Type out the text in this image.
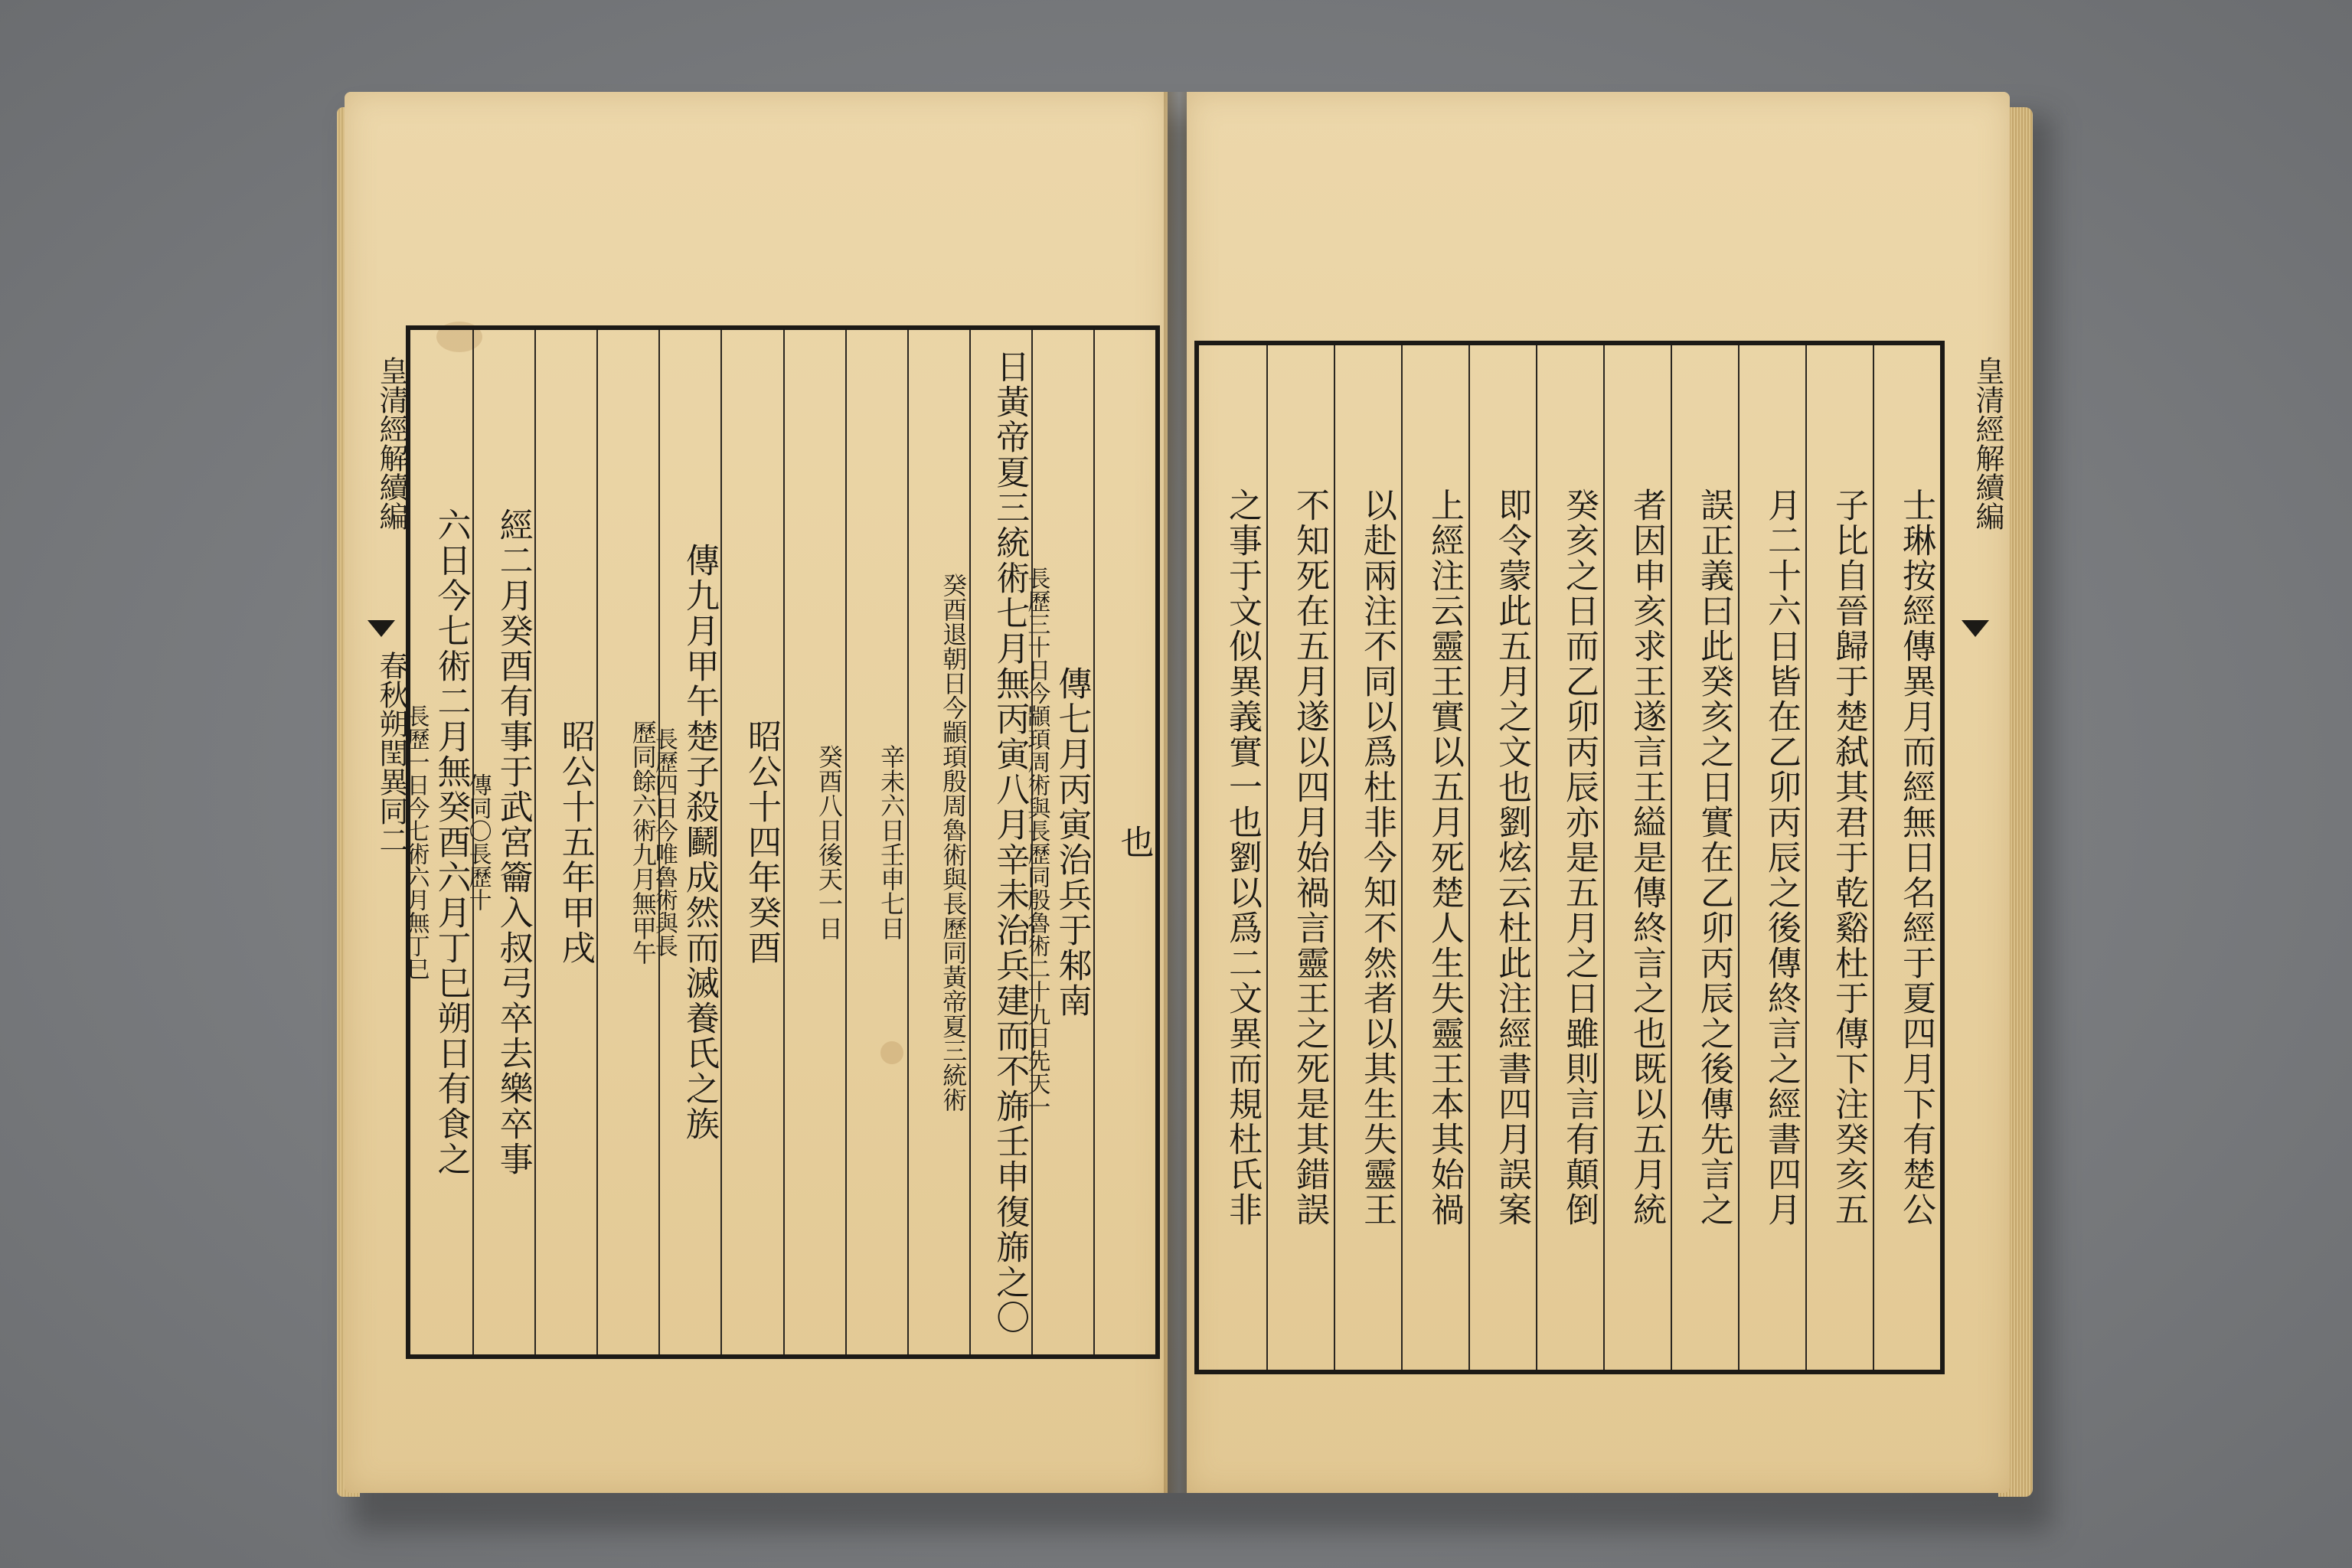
皇清經解續編
春秋朔閏異同二	也
傳七月丙寅治兵于邾南
長歷三十日今顓頊周術與長歷同殷魯術二十九日先天一
日黃帝夏三統術七月無丙寅八月辛未治兵建而不旆壬申復旆之〇
癸酉退朝日今顓頊殷周魯術與長歷同黃帝夏三統術
辛未六日壬申七日
癸酉八日後天一日
昭公十四年癸酉
傳九月甲午楚子殺鬬成然而滅養氏之族
長歷四日今唯魯術與長
歷同餘六術九月無甲午
昭公十五年甲戌
經二月癸酉有事于武宮籥入叔弓卒去樂卒事
傳同〇長歷十
六日今七術二月無癸酉六月丁巳朔日有食之
長歷一日今七術六月無丁巳	士琳按經傳異月而經無日名經于夏四月下有楚公
子比自晉歸于楚弑其君于乾谿杜于傳下注癸亥五
月二十六日皆在乙卯丙辰之後傳終言之經書四月
誤正義曰此癸亥之日實在乙卯丙辰之後傳先言之
者因申亥求王遂言王縊是傳終言之也既以五月統
癸亥之日而乙卯丙辰亦是五月之日雖則言有顛倒
即令蒙此五月之文也劉炫云杜此注經書四月誤案
上經注云靈王實以五月死楚人生失靈王本其始禍
以赴兩注不同以爲杜非今知不然者以其生失靈王
不知死在五月遂以四月始禍言靈王之死是其錯誤
之事于文似異義實一也劉以爲二文異而規杜氏非
皇清經解續編
